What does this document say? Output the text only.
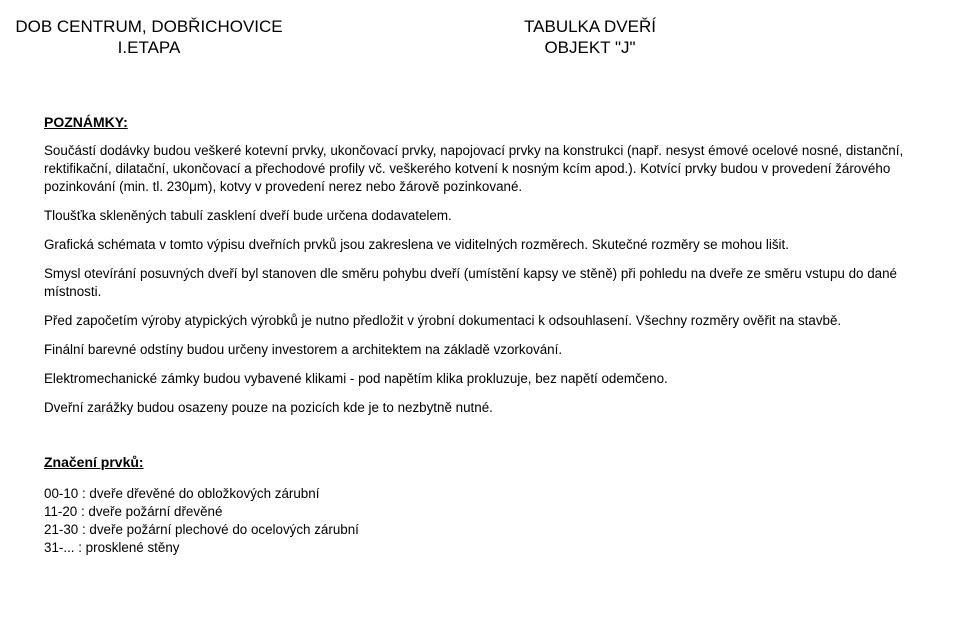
DOB CENTRUM, DOBŘICHOVICE
I.ETAPA
TABULKA DVEŘÍ
OBJEKT "J"

POZNÁMKY:

Součástí dodávky budou veškeré kotevní prvky, ukončovací prvky, napojovací prvky na konstrukci (např. nesyst émové ocelové nosné, distanční, rektifikační, dilatační, ukončovací a přechodové profily vč. veškerého kotvení k nosným kcím apod.). Kotvící prvky budou v provedení žárového pozinkování (min. tl. 230μm), kotvy v provedení nerez nebo žárově pozinkované.

Tloušťka skleněných tabulí zasklení dveří bude určena dodavatelem.

Grafická schémata v tomto výpisu dveřních prvků jsou zakreslena ve viditelných rozměrech. Skutečné rozměry se mohou lišit.

Smysl otevírání posuvných dveří byl stanoven dle směru pohybu dveří (umístění kapsy ve stěně) při pohledu na dveře ze směru vstupu do dané místnosti.

Před započetím výroby atypických výrobků je nutno předložit v ýrobní dokumentaci k odsouhlasení. Všechny rozměry ověřit na stavbě.

Finální barevné odstíny budou určeny investorem a architektem na základě vzorkování.

Elektromechanické zámky budou vybavené klikami - pod napětím klika prokluzuje, bez napětí odemčeno.

Dveřní zarážky budou osazeny pouze na pozicích kde je to nezbytně nutné.

Značení prvků:

00-10 : dveře dřevěné do obložkových zárubní

11-20 : dveře požární dřevěné

21-30 : dveře požární plechové do ocelových zárubní

31-... : prosklené stěny
